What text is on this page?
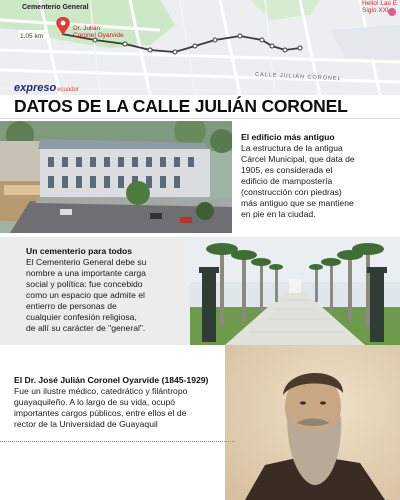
Cementerio General
1.05 km
Dr. Julián
Coronel Oyarvide
Hello! Las E
Siglo XXI
CALLE JULIÁN CORONEL
expresoecuador
DATOS DE LA CALLE JULIÁN CORONEL
El edificio más antiguo
La estructura de la antigua
Cárcel Municipal, que data de
1905, es considerada el
edificio de mampostería
(construcción con piedras)
más antiguo que se mantiene
en pie en la ciudad.
Un cementerio para todos
El Cementerio General debe su
nombre a una importante carga
social y política: fue concebido
como un espacio que admite el
entierro de personas de
cualquier confesión religiosa,
de allí su carácter de "general".
El Dr. José Julián Coronel Oyarvide (1845-1929)
Fue un ilustre médico, catedrático y filántropo
guayaquileño. A lo largo de su vida, ocupó
importantes cargos públicos, entre ellos el de
rector de la Universidad de Guayaquil
